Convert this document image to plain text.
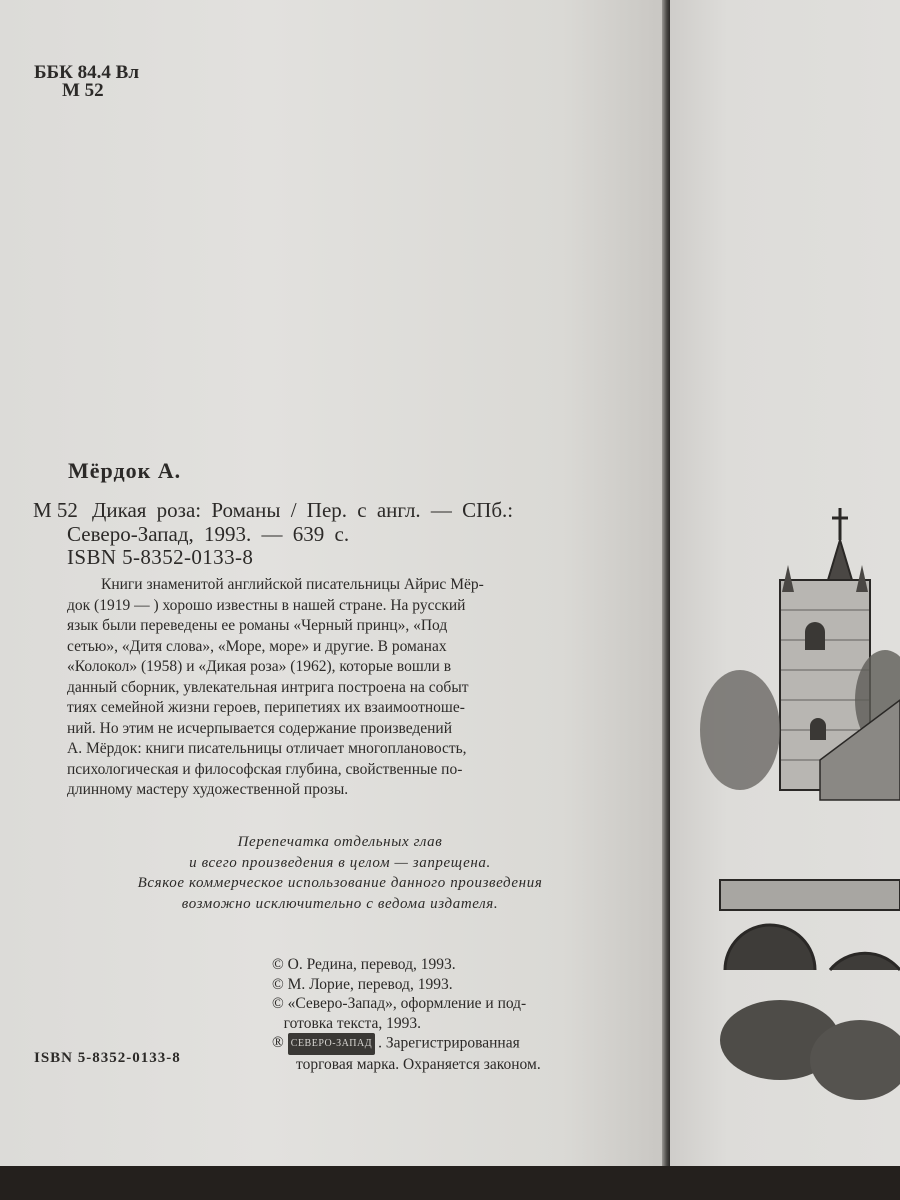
ББК 84.4 Вл

М 52

Мёрдок А.

М 52 Дикая роза: Романы / Пер. с англ. — СПб.:

Северо-Запад, 1993. — 639 с.

ISBN 5-8352-0133-8

Книги знаменитой английской писательницы Айрис Мёр-
док (1919 — ) хорошо известны в нашей стране. На русский
язык были переведены ее романы «Черный принц», «Под
сетью», «Дитя слова», «Море, море» и другие. В романах
«Колокол» (1958) и «Дикая роза» (1962), которые вошли в
данный сборник, увлекательная интрига построена на событ
тиях семейной жизни героев, перипетиях их взаимоотноше-
ний. Но этим не исчерпывается содержание произведений
А. Мёрдок: книги писательницы отличает многоплановость,
психологическая и философская глубина, свойственные по-
длинному мастеру художественной прозы.
Перепечатка отдельных глав
и всего произведения в целом — запрещена.
Всякое коммерческое использование данного произведения
возможно исключительно с ведома издателя.
© О. Редина, перевод, 1993.
© М. Лорие, перевод, 1993.
© «Северо-Запад», оформление и под-
готовка текста, 1993.
® СЕВЕРО-ЗАПАД . Зарегистрированная
торговая марка. Охраняется законом.

ISBN 5-8352-0133-8
